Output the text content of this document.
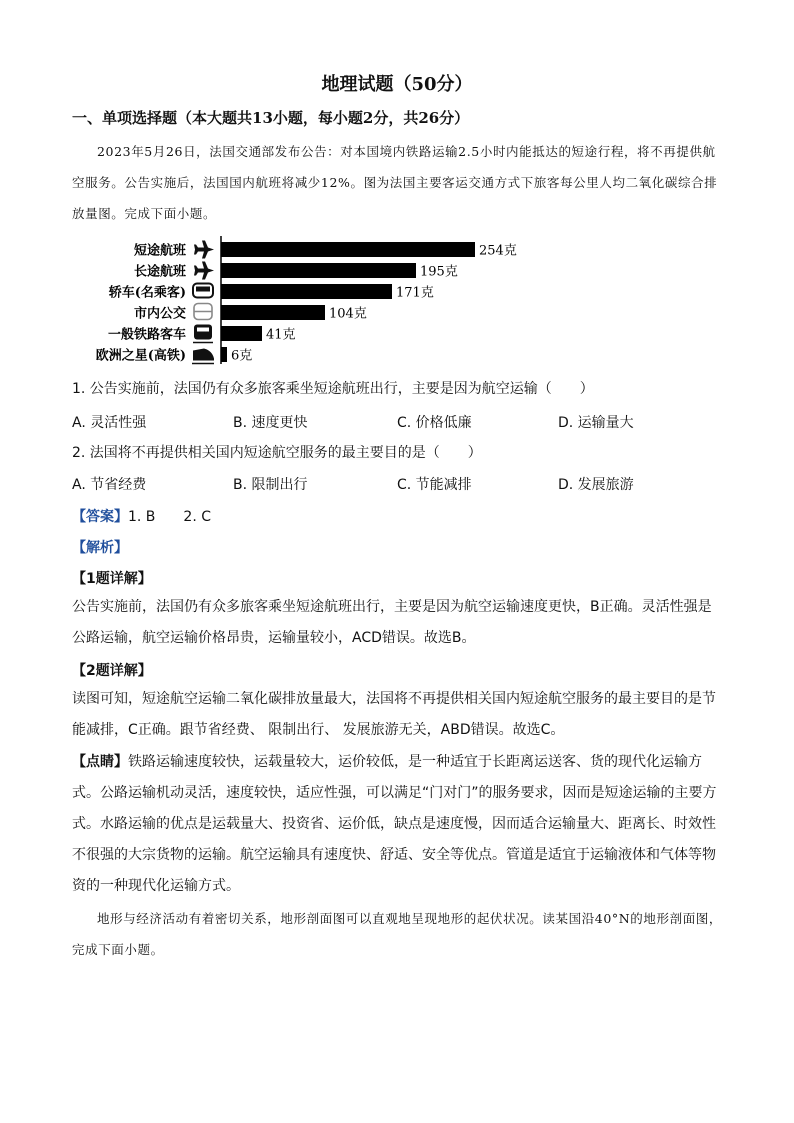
地理试题（50分）
一、单项选择题（本大题共13小题，每小题2分，共26分）
2023年5月26日，法国交通部发布公告：对本国境内铁路运输2.5小时内能抵达的短途行程，将不再提供航空服务。公告实施后，法国国内航班将减少12%。图为法国主要客运交通方式下旅客每公里人均二氧化碳综合排放量图。完成下面小题。
短途航班	254克
长途航班	195克
轿车(名乘客)	171克
市内公交	104克
一般铁路客车	41克
欧洲之星(高铁)	6克
1. 公告实施前，法国仍有众多旅客乘坐短途航班出行，主要是因为航空运输（　　）
A. 灵活性强	B. 速度更快	C. 价格低廉	D. 运输量大
2. 法国将不再提供相关国内短途航空服务的最主要目的是（　　）
A. 节省经费	B. 限制出行	C. 节能减排	D. 发展旅游
【答案】1. B　　2. C
【解析】
【1题详解】
公告实施前，法国仍有众多旅客乘坐短途航班出行，主要是因为航空运输速度更快，B正确。灵活性强是公路运输，航空运输价格昂贵，运输量较小，ACD错误。故选B。
【2题详解】
读图可知，短途航空运输二氧化碳排放量最大，法国将不再提供相关国内短途航空服务的最主要目的是节能减排，C正确。跟节省经费、 限制出行、 发展旅游无关，ABD错误。故选C。
【点睛】铁路运输速度较快，运载量较大，运价较低，是一种适宜于长距离运送客、货的现代化运输方式。公路运输机动灵活，速度较快，适应性强，可以满足“门对门”的服务要求，因而是短途运输的主要方式。水路运输的优点是运载量大、投资省、运价低，缺点是速度慢，因而适合运输量大、距离长、时效性不很强的大宗货物的运输。航空运输具有速度快、舒适、安全等优点。管道是适宜于运输液体和气体等物资的一种现代化运输方式。
地形与经济活动有着密切关系，地形剖面图可以直观地呈现地形的起伏状况。读某国沿40°N的地形剖面图，完成下面小题。
